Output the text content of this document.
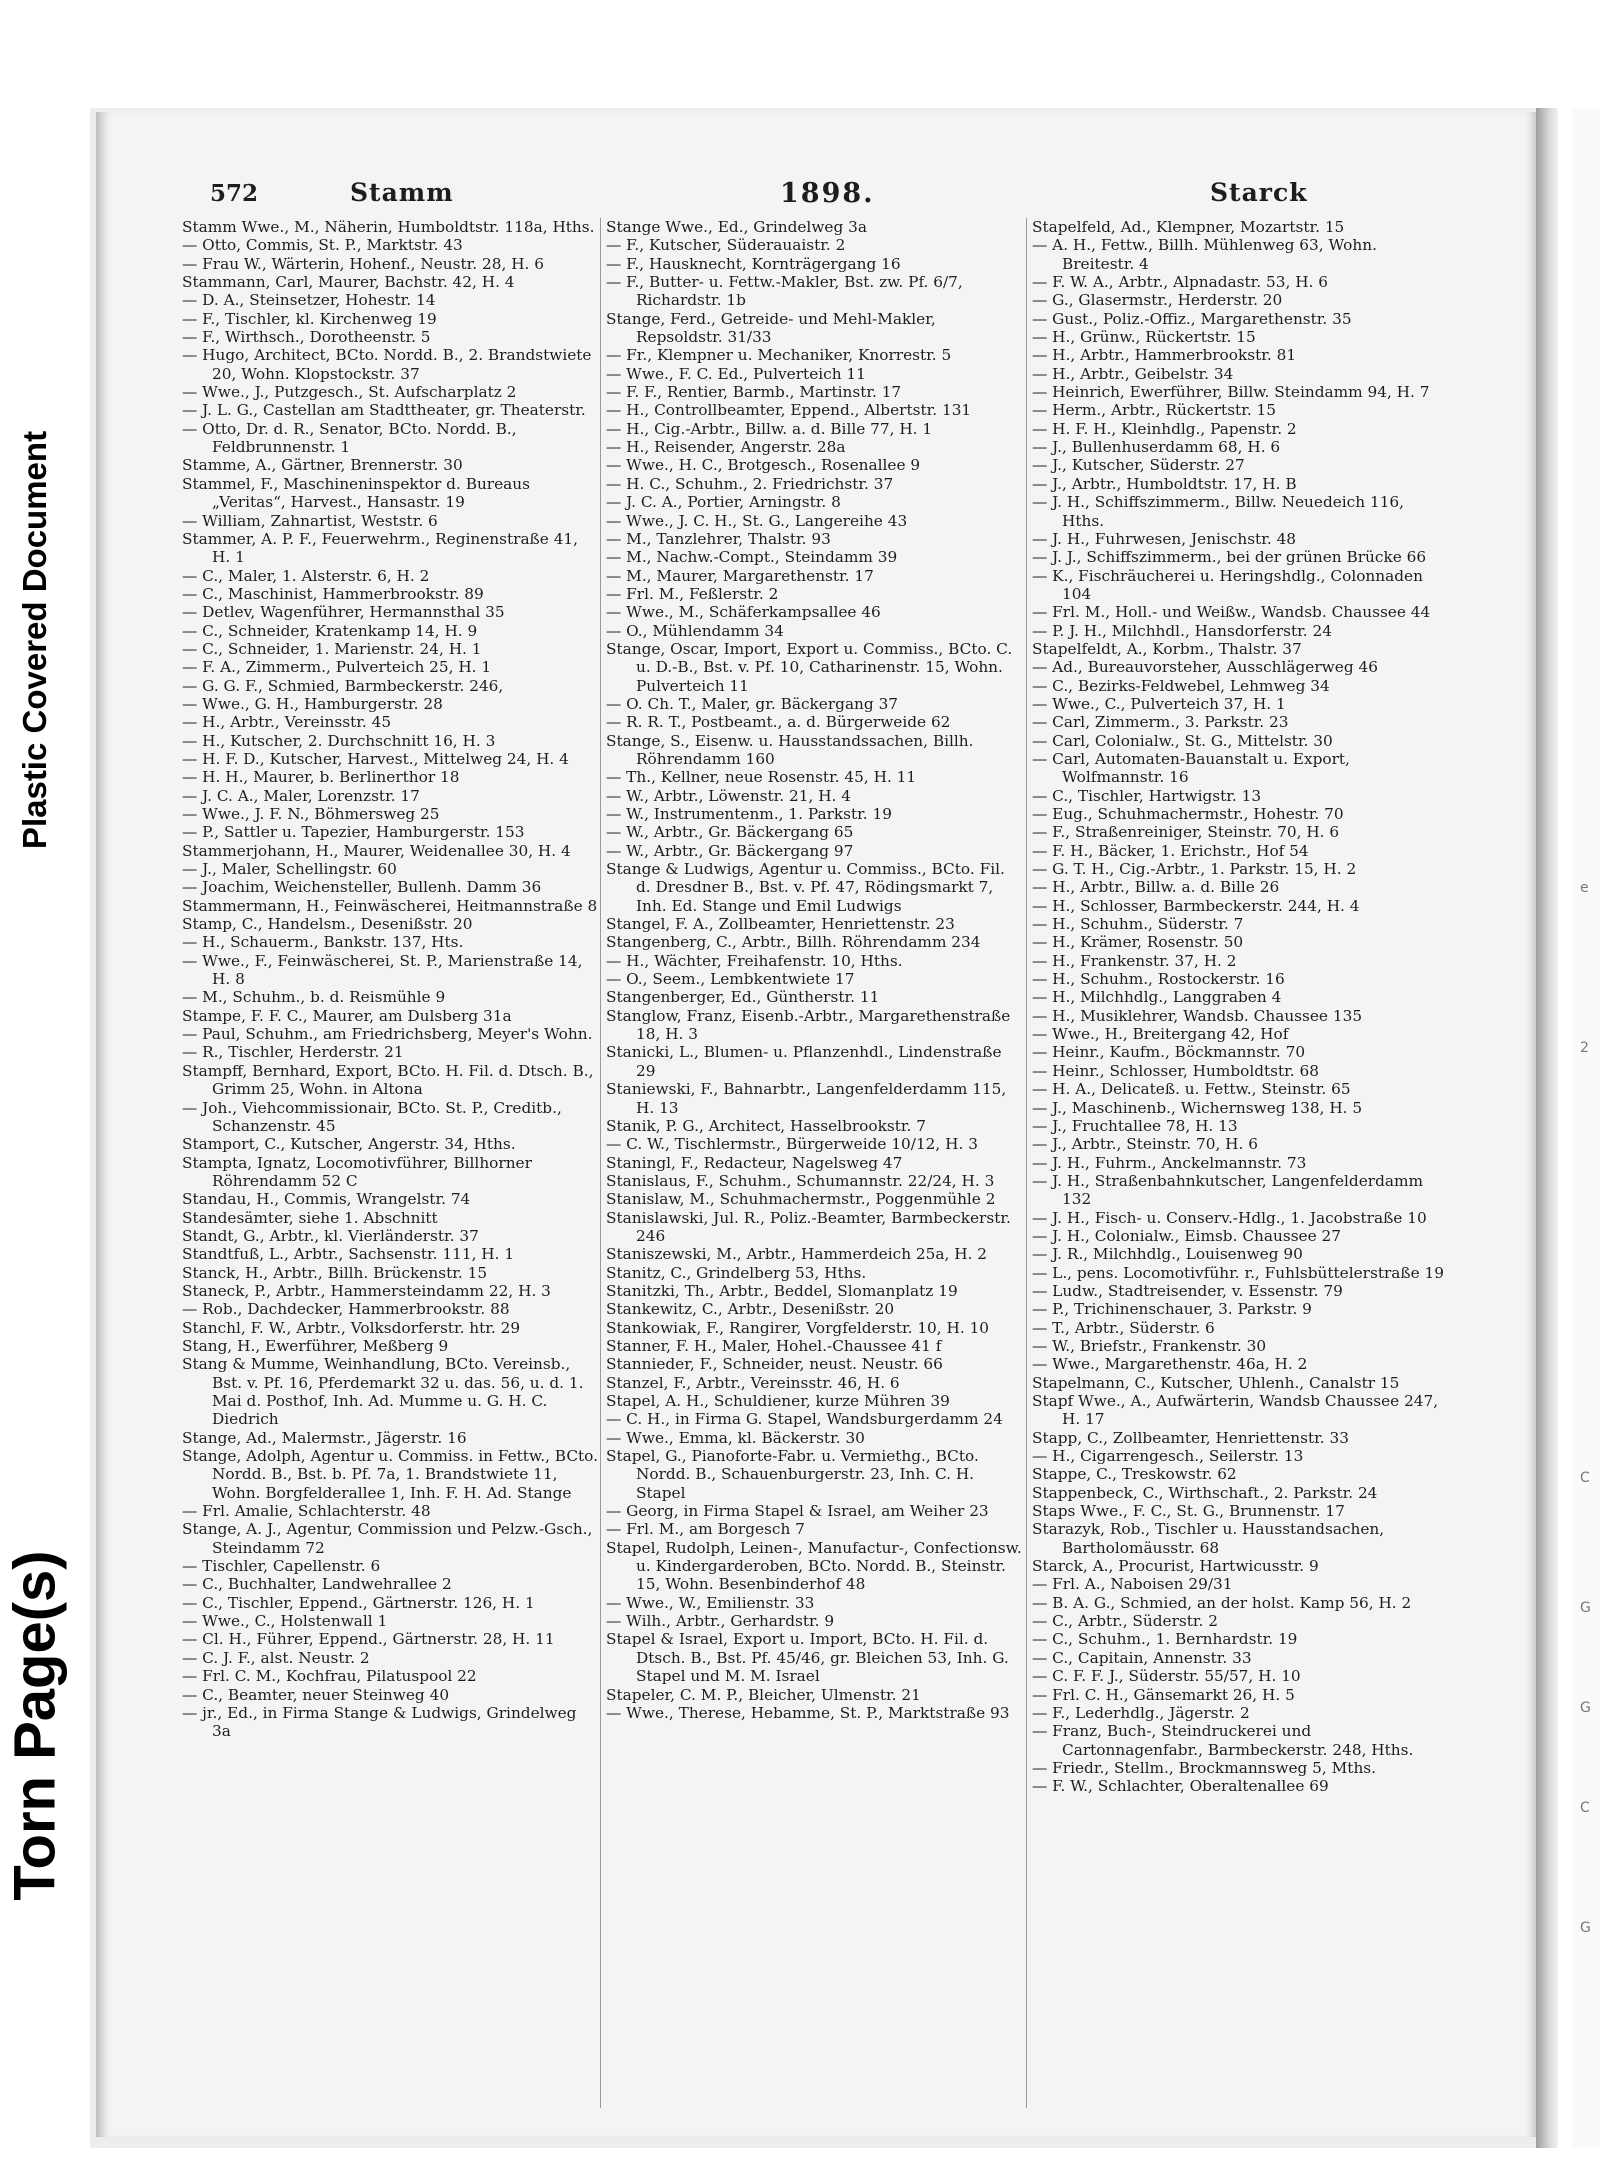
Plastic Covered Document
Torn Page(s)
e
2
C
G
G
C
G
572	Stamm	1898.	Starck

Stamm Wwe., M., Näherin, Humboldtstr. 118a, Hths.

— Otto, Commis, St. P., Marktstr. 43

— Frau W., Wärterin, Hohenf., Neustr. 28, H. 6

Stammann, Carl, Maurer, Bachstr. 42, H. 4

— D. A., Steinsetzer, Hohestr. 14

— F., Tischler, kl. Kirchenweg 19

— F., Wirthsch., Dorotheenstr. 5

— Hugo, Architect, BCto. Nordd. B., 2. Brandstwiete 20, Wohn. Klopstockstr. 37

— Wwe., J., Putzgesch., St. Aufscharplatz 2

— J. L. G., Castellan am Stadttheater, gr. Theaterstr.

— Otto, Dr. d. R., Senator, BCto. Nordd. B., Feldbrunnenstr. 1

Stamme, A., Gärtner, Brennerstr. 30

Stammel, F., Maschineninspektor d. Bureaus „Veritas“, Harvest., Hansastr. 19

— William, Zahnartist, Weststr. 6

Stammer, A. P. F., Feuerwehrm., Reginenstraße 41, H. 1

— C., Maler, 1. Alsterstr. 6, H. 2

— C., Maschinist, Hammerbrookstr. 89

— Detlev, Wagenführer, Hermannsthal 35

— C., Schneider, Kratenkamp 14, H. 9

— C., Schneider, 1. Marienstr. 24, H. 1

— F. A., Zimmerm., Pulverteich 25, H. 1

— G. G. F., Schmied, Barmbeckerstr. 246,

— Wwe., G. H., Hamburgerstr. 28

— H., Arbtr., Vereinsstr. 45

— H., Kutscher, 2. Durchschnitt 16, H. 3

— H. F. D., Kutscher, Harvest., Mittelweg 24, H. 4

— H. H., Maurer, b. Berlinerthor 18

— J. C. A., Maler, Lorenzstr. 17

— Wwe., J. F. N., Böhmersweg 25

— P., Sattler u. Tapezier, Hamburgerstr. 153

Stammerjohann, H., Maurer, Weidenallee 30, H. 4

— J., Maler, Schellingstr. 60

— Joachim, Weichensteller, Bullenh. Damm 36

Stammermann, H., Feinwäscherei, Heitmannstraße 8

Stamp, C., Handelsm., Desenißstr. 20

— H., Schauerm., Bankstr. 137, Hts.

— Wwe., F., Feinwäscherei, St. P., Marienstraße 14, H. 8

— M., Schuhm., b. d. Reismühle 9

Stampe, F. F. C., Maurer, am Dulsberg 31a

— Paul, Schuhm., am Friedrichsberg, Meyer's Wohn.

— R., Tischler, Herderstr. 21

Stampff, Bernhard, Export, BCto. H. Fil. d. Dtsch. B., Grimm 25, Wohn. in Altona

— Joh., Viehcommissionair, BCto. St. P., Creditb., Schanzenstr. 45

Stamport, C., Kutscher, Angerstr. 34, Hths.

Stampta, Ignatz, Locomotivführer, Billhorner Röhrendamm 52 C

Standau, H., Commis, Wrangelstr. 74

Standesämter, siehe 1. Abschnitt

Standt, G., Arbtr., kl. Vierländerstr. 37

Standtfuß, L., Arbtr., Sachsenstr. 111, H. 1

Stanck, H., Arbtr., Billh. Brückenstr. 15

Staneck, P., Arbtr., Hammersteindamm 22, H. 3

— Rob., Dachdecker, Hammerbrookstr. 88

Stanchl, F. W., Arbtr., Volksdorferstr. htr. 29

Stang, H., Ewerführer, Meßberg 9

Stang & Mumme, Weinhandlung, BCto. Vereinsb., Bst. v. Pf. 16, Pferdemarkt 32 u. das. 56, u. d. 1. Mai d. Posthof, Inh. Ad. Mumme u. G. H. C. Diedrich

Stange, Ad., Malermstr., Jägerstr. 16

Stange, Adolph, Agentur u. Commiss. in Fettw., BCto. Nordd. B., Bst. b. Pf. 7a, 1. Brandstwiete 11, Wohn. Borgfelderallee 1, Inh. F. H. Ad. Stange

— Frl. Amalie, Schlachterstr. 48

Stange, A. J., Agentur, Commission und Pelzw.-Gsch., Steindamm 72

— Tischler, Capellenstr. 6

— C., Buchhalter, Landwehrallee 2

— C., Tischler, Eppend., Gärtnerstr. 126, H. 1

— Wwe., C., Holstenwall 1

— Cl. H., Führer, Eppend., Gärtnerstr. 28, H. 11

— C. J. F., alst. Neustr. 2

— Frl. C. M., Kochfrau, Pilatuspool 22

— C., Beamter, neuer Steinweg 40

— jr., Ed., in Firma Stange & Ludwigs, Grindelweg 3a

Stange Wwe., Ed., Grindelweg 3a

— F., Kutscher, Süderauaistr. 2

— F., Hausknecht, Kornträgergang 16

— F., Butter- u. Fettw.-Makler, Bst. zw. Pf. 6/7, Richardstr. 1b

Stange, Ferd., Getreide- und Mehl-Makler, Repsoldstr. 31/33

— Fr., Klempner u. Mechaniker, Knorrestr. 5

— Wwe., F. C. Ed., Pulverteich 11

— F. F., Rentier, Barmb., Martinstr. 17

— H., Controllbeamter, Eppend., Albertstr. 131

— H., Cig.-Arbtr., Billw. a. d. Bille 77, H. 1

— H., Reisender, Angerstr. 28a

— Wwe., H. C., Brotgesch., Rosenallee 9

— H. C., Schuhm., 2. Friedrichstr. 37

— J. C. A., Portier, Arningstr. 8

— Wwe., J. C. H., St. G., Langereihe 43

— M., Tanzlehrer, Thalstr. 93

— M., Nachw.-Compt., Steindamm 39

— M., Maurer, Margarethenstr. 17

— Frl. M., Feßlerstr. 2

— Wwe., M., Schäferkampsallee 46

— O., Mühlendamm 34

Stange, Oscar, Import, Export u. Commiss., BCto. C. u. D.-B., Bst. v. Pf. 10, Catharinenstr. 15, Wohn. Pulverteich 11

— O. Ch. T., Maler, gr. Bäckergang 37

— R. R. T., Postbeamt., a. d. Bürgerweide 62

Stange, S., Eisenw. u. Hausstandssachen, Billh. Röhrendamm 160

— Th., Kellner, neue Rosenstr. 45, H. 11

— W., Arbtr., Löwenstr. 21, H. 4

— W., Instrumentenm., 1. Parkstr. 19

— W., Arbtr., Gr. Bäckergang 65

— W., Arbtr., Gr. Bäckergang 97

Stange & Ludwigs, Agentur u. Commiss., BCto. Fil. d. Dresdner B., Bst. v. Pf. 47, Rödingsmarkt 7, Inh. Ed. Stange und Emil Ludwigs

Stangel, F. A., Zollbeamter, Henriettenstr. 23

Stangenberg, C., Arbtr., Billh. Röhrendamm 234

— H., Wächter, Freihafenstr. 10, Hths.

— O., Seem., Lembkentwiete 17

Stangenberger, Ed., Güntherstr. 11

Stanglow, Franz, Eisenb.-Arbtr., Margarethenstraße 18, H. 3

Stanicki, L., Blumen- u. Pflanzenhdl., Lindenstraße 29

Staniewski, F., Bahnarbtr., Langenfelderdamm 115, H. 13

Stanik, P. G., Architect, Hasselbrookstr. 7

— C. W., Tischlermstr., Bürgerweide 10/12, H. 3

Staningl, F., Redacteur, Nagelsweg 47

Stanislaus, F., Schuhm., Schumannstr. 22/24, H. 3

Stanislaw, M., Schuhmachermstr., Poggenmühle 2

Stanislawski, Jul. R., Poliz.-Beamter, Barmbeckerstr. 246

Staniszewski, M., Arbtr., Hammerdeich 25a, H. 2

Stanitz, C., Grindelberg 53, Hths.

Stanitzki, Th., Arbtr., Beddel, Slomanplatz 19

Stankewitz, C., Arbtr., Desenißstr. 20

Stankowiak, F., Rangirer, Vorgfelderstr. 10, H. 10

Stanner, F. H., Maler, Hohel.-Chaussee 41 f

Stannieder, F., Schneider, neust. Neustr. 66

Stanzel, F., Arbtr., Vereinsstr. 46, H. 6

Stapel, A. H., Schuldiener, kurze Mühren 39

— C. H., in Firma G. Stapel, Wandsburgerdamm 24

— Wwe., Emma, kl. Bäckerstr. 30

Stapel, G., Pianoforte-Fabr. u. Vermiethg., BCto. Nordd. B., Schauenburgerstr. 23, Inh. C. H. Stapel

— Georg, in Firma Stapel & Israel, am Weiher 23

— Frl. M., am Borgesch 7

Stapel, Rudolph, Leinen-, Manufactur-, Confectionsw. u. Kindergarderoben, BCto. Nordd. B., Steinstr. 15, Wohn. Besenbinderhof 48

— Wwe., W., Emilienstr. 33

— Wilh., Arbtr., Gerhardstr. 9

Stapel & Israel, Export u. Import, BCto. H. Fil. d. Dtsch. B., Bst. Pf. 45/46, gr. Bleichen 53, Inh. G. Stapel und M. M. Israel

Stapeler, C. M. P., Bleicher, Ulmenstr. 21

— Wwe., Therese, Hebamme, St. P., Marktstraße 93

Stapelfeld, Ad., Klempner, Mozartstr. 15

— A. H., Fettw., Billh. Mühlenweg 63, Wohn. Breitestr. 4

— F. W. A., Arbtr., Alpnadastr. 53, H. 6

— G., Glasermstr., Herderstr. 20

— Gust., Poliz.-Offiz., Margarethenstr. 35

— H., Grünw., Rückertstr. 15

— H., Arbtr., Hammerbrookstr. 81

— H., Arbtr., Geibelstr. 34

— Heinrich, Ewerführer, Billw. Steindamm 94, H. 7

— Herm., Arbtr., Rückertstr. 15

— H. F. H., Kleinhdlg., Papenstr. 2

— J., Bullenhuserdamm 68, H. 6

— J., Kutscher, Süderstr. 27

— J., Arbtr., Humboldtstr. 17, H. B

— J. H., Schiffszimmerm., Billw. Neuedeich 116, Hths.

— J. H., Fuhrwesen, Jenischstr. 48

— J. J., Schiffszimmerm., bei der grünen Brücke 66

— K., Fischräucherei u. Heringshdlg., Colonnaden 104

— Frl. M., Holl.- und Weißw., Wandsb. Chaussee 44

— P. J. H., Milchhdl., Hansdorferstr. 24

Stapelfeldt, A., Korbm., Thalstr. 37

— Ad., Bureauvorsteher, Ausschlägerweg 46

— C., Bezirks-Feldwebel, Lehmweg 34

— Wwe., C., Pulverteich 37, H. 1

— Carl, Zimmerm., 3. Parkstr. 23

— Carl, Colonialw., St. G., Mittelstr. 30

— Carl, Automaten-Bauanstalt u. Export, Wolfmannstr. 16

— C., Tischler, Hartwigstr. 13

— Eug., Schuhmachermstr., Hohestr. 70

— F., Straßenreiniger, Steinstr. 70, H. 6

— F. H., Bäcker, 1. Erichstr., Hof 54

— G. T. H., Cig.-Arbtr., 1. Parkstr. 15, H. 2

— H., Arbtr., Billw. a. d. Bille 26

— H., Schlosser, Barmbeckerstr. 244, H. 4

— H., Schuhm., Süderstr. 7

— H., Krämer, Rosenstr. 50

— H., Frankenstr. 37, H. 2

— H., Schuhm., Rostockerstr. 16

— H., Milchhdlg., Langgraben 4

— H., Musiklehrer, Wandsb. Chaussee 135

— Wwe., H., Breitergang 42, Hof

— Heinr., Kaufm., Böckmannstr. 70

— Heinr., Schlosser, Humboldtstr. 68

— H. A., Delicateß. u. Fettw., Steinstr. 65

— J., Maschinenb., Wichernsweg 138, H. 5

— J., Fruchtallee 78, H. 13

— J., Arbtr., Steinstr. 70, H. 6

— J. H., Fuhrm., Anckelmannstr. 73

— J. H., Straßenbahnkutscher, Langenfelderdamm 132

— J. H., Fisch- u. Conserv.-Hdlg., 1. Jacobstraße 10

— J. H., Colonialw., Eimsb. Chaussee 27

— J. R., Milchhdlg., Louisenweg 90

— L., pens. Locomotivführ. r., Fuhlsbüttelerstraße 19

— Ludw., Stadtreisender, v. Essenstr. 79

— P., Trichinenschauer, 3. Parkstr. 9

— T., Arbtr., Süderstr. 6

— W., Briefstr., Frankenstr. 30

— Wwe., Margarethenstr. 46a, H. 2

Stapelmann, C., Kutscher, Uhlenh., Canalstr 15

Stapf Wwe., A., Aufwärterin, Wandsb Chaussee 247, H. 17

Stapp, C., Zollbeamter, Henriettenstr. 33

— H., Cigarrengesch., Seilerstr. 13

Stappe, C., Treskowstr. 62

Stappenbeck, C., Wirthschaft., 2. Parkstr. 24

Staps Wwe., F. C., St. G., Brunnenstr. 17

Starazyk, Rob., Tischler u. Hausstandsachen, Bartholomäusstr. 68

Starck, A., Procurist, Hartwicusstr. 9

— Frl. A., Naboisen 29/31

— B. A. G., Schmied, an der holst. Kamp 56, H. 2

— C., Arbtr., Süderstr. 2

— C., Schuhm., 1. Bernhardstr. 19

— C., Capitain, Annenstr. 33

— C. F. F. J., Süderstr. 55/57, H. 10

— Frl. C. H., Gänsemarkt 26, H. 5

— F., Lederhdlg., Jägerstr. 2

— Franz, Buch-, Steindruckerei und Cartonnagenfabr., Barmbeckerstr. 248, Hths.

— Friedr., Stellm., Brockmannsweg 5, Mths.

— F. W., Schlachter, Oberaltenallee 69
